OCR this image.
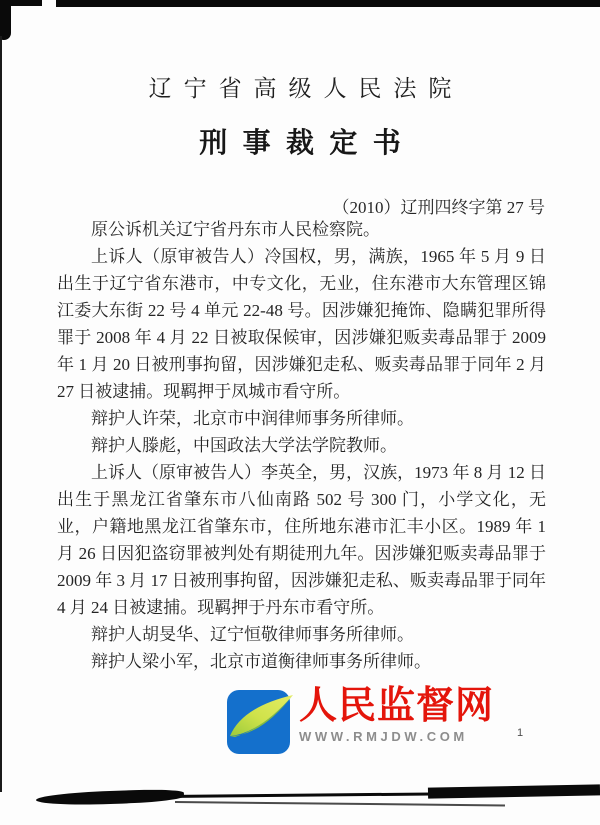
辽宁省高级人民法院
刑事裁定书
（2010）辽刑四终字第 27 号

原公诉机关辽宁省丹东市人民检察院。

上诉人（原审被告人）冷国权，男，满族，1965 年 5 月 9 日出生于辽宁省东港市，中专文化，无业，住东港市大东管理区锦江委大东街 22 号 4 单元 22-48 号。因涉嫌犯掩饰、隐瞒犯罪所得罪于 2008 年 4 月 22 日被取保候审，因涉嫌犯贩卖毒品罪于 2009 年 1 月 20 日被刑事拘留，因涉嫌犯走私、贩卖毒品罪于同年 2 月 27 日被逮捕。现羁押于凤城市看守所。

辩护人许荣，北京市中润律师事务所律师。

辩护人滕彪，中国政法大学法学院教师。

上诉人（原审被告人）李英全，男，汉族，1973 年 8 月 12 日出生于黑龙江省肇东市八仙南路 502 号 300 门，小学文化，无业，户籍地黑龙江省肇东市，住所地东港市汇丰小区。1989 年 1 月 26 日因犯盗窃罪被判处有期徒刑九年。因涉嫌犯贩卖毒品罪于 2009 年 3 月 17 日被刑事拘留，因涉嫌犯走私、贩卖毒品罪于同年 4 月 24 日被逮捕。现羁押于丹东市看守所。

辩护人胡旻华、辽宁恒敬律师事务所律师。

辩护人梁小军，北京市道衡律师事务所律师。

1
人民监督网
WWW.RMJDW.COM
